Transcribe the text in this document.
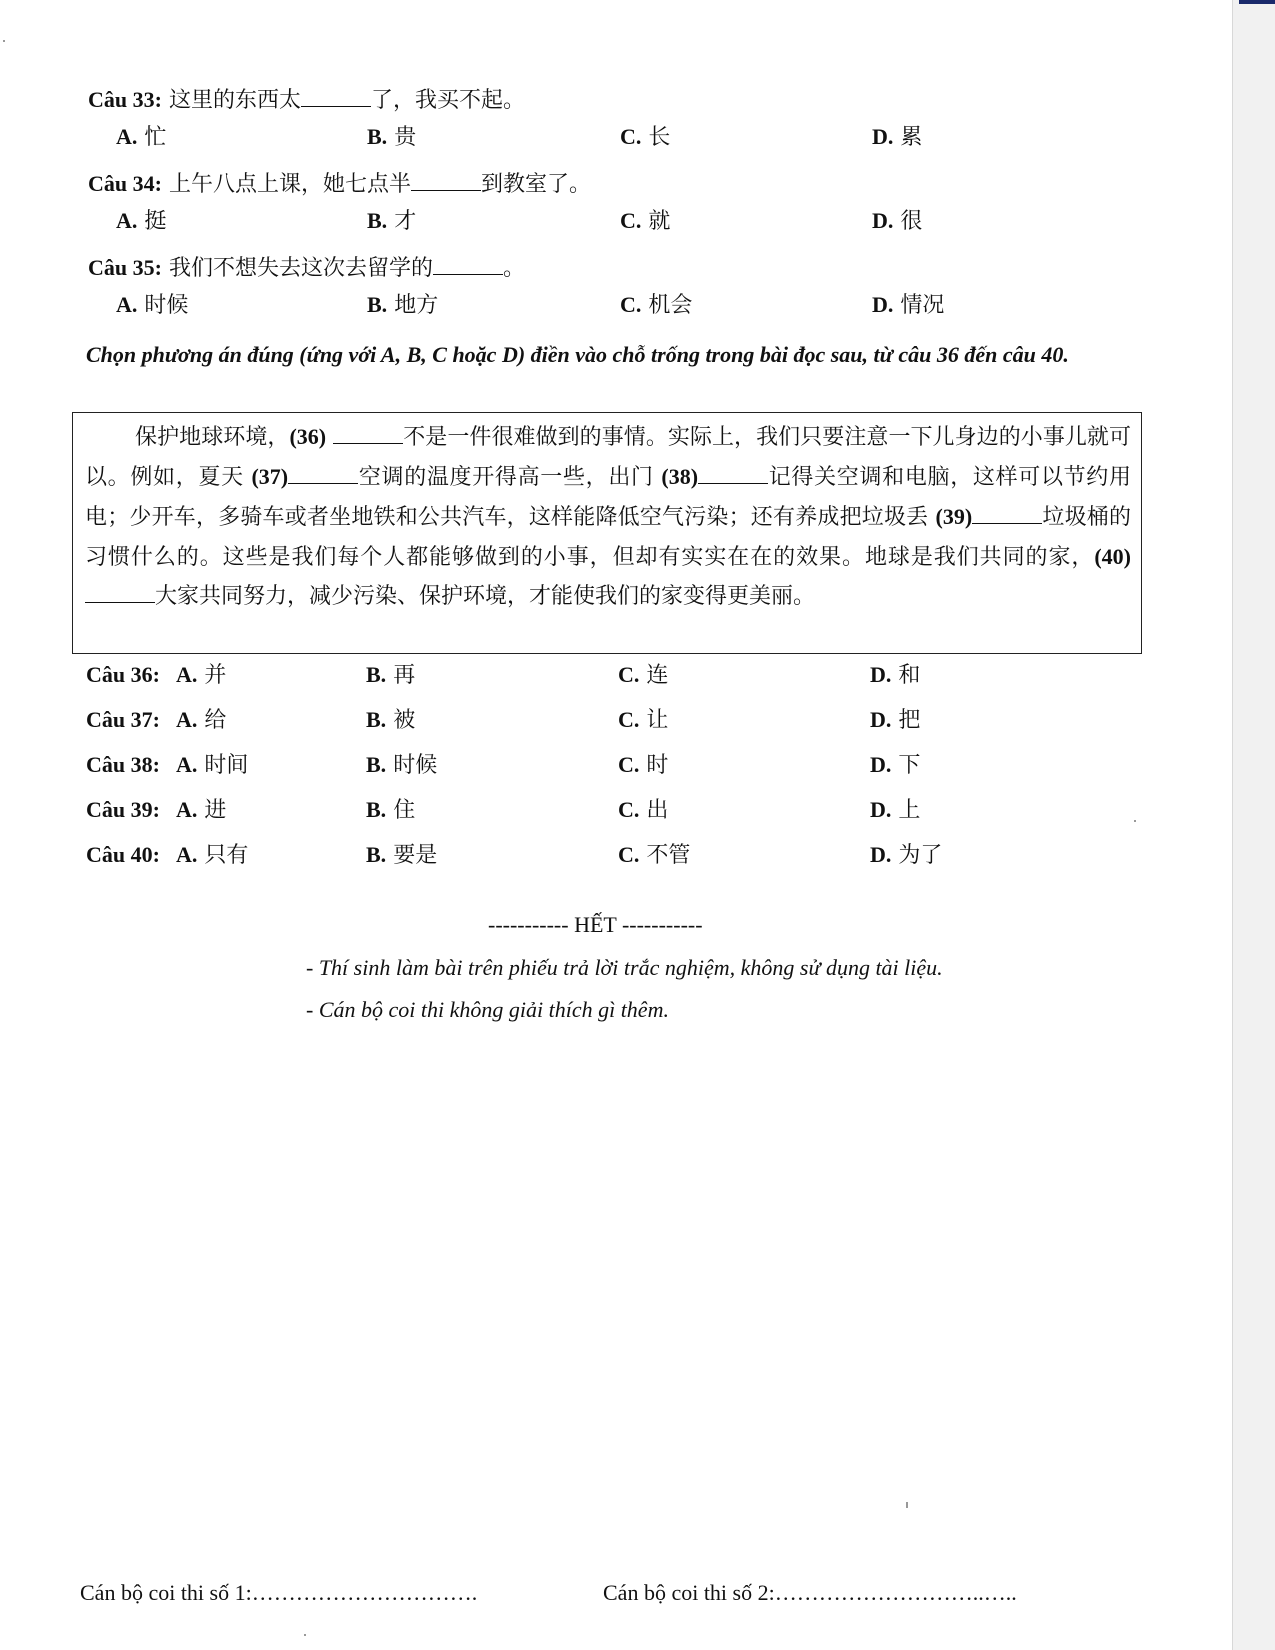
Câu 33: 这里的东西太	了，我买不起。
A. 忙	B. 贵	C. 长	D. 累
Câu 34: 上午八点上课，她七点半	到教室了。
A. 挺	B. 才	C. 就	D. 很
Câu 35: 我们不想失去这次去留学的	。
A. 时候	B. 地方	C. 机会	D. 情况
Chọn phương án đúng (ứng với A, B, C hoặc D) điền vào chỗ trống trong bài đọc sau, từ câu 36 đến câu 40.
保护地球环境，(36)	不是一件很难做到的事情。实际上，我们只要注意一下儿身边的小事儿就可以。例如，夏天 (37)	空调的温度开得高一些，出门 (38)	记得关空调和电脑，这样可以节约用电；少开车，多骑车或者坐地铁和公共汽车，这样能降低空气污染；还有养成把垃圾丢 (39)	垃圾桶的习惯什么的。这些是我们每个人都能够做到的小事，但却有实实在在的效果。地球是我们共同的家，(40)大家共同努力，减少污染、保护环境，才能使我们的家变得更美丽。
Câu 36: A. 并	B. 再	C. 连	D. 和
Câu 37: A. 给	B. 被	C. 让	D. 把
Câu 38: A. 时间	B. 时候	C. 时	D. 下
Câu 39: A. 进	B. 住	C. 出	D. 上
Câu 40: A. 只有	B. 要是	C. 不管	D. 为了
----------- HẾT -----------
- Thí sinh làm bài trên phiếu trả lời trắc nghiệm, không sử dụng tài liệu.
- Cán bộ coi thi không giải thích gì thêm.
Cán bộ coi thi số 1:………………………….	Cán bộ coi thi số 2:………………………..…..
